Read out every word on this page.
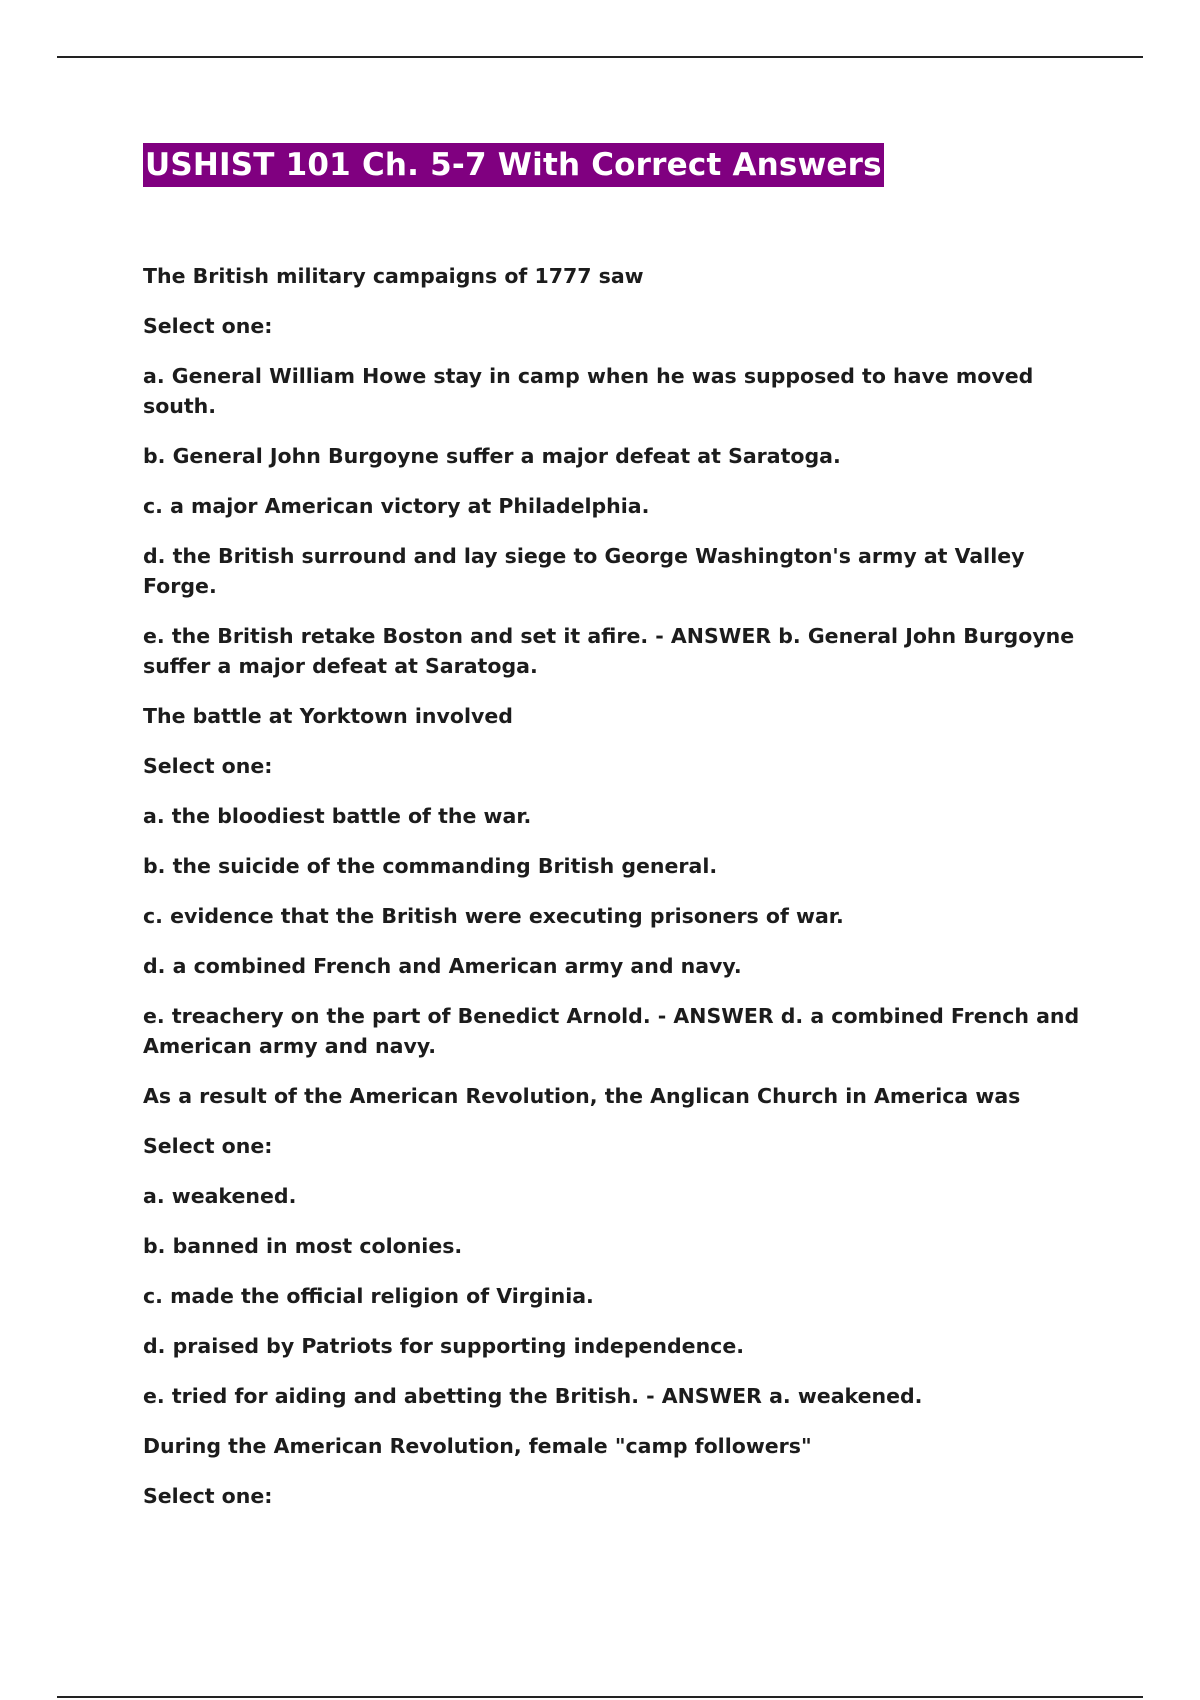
USHIST 101 Ch. 5-7 With Correct Answers

The British military campaigns of 1777 saw

Select one:

a. General William Howe stay in camp when he was supposed to have moved south.

b. General John Burgoyne suffer a major defeat at Saratoga.

c. a major American victory at Philadelphia.

d. the British surround and lay siege to George Washington's army at Valley Forge.

e. the British retake Boston and set it afire. - ANSWER b. General John Burgoyne suffer a major defeat at Saratoga.

The battle at Yorktown involved

Select one:

a. the bloodiest battle of the war.

b. the suicide of the commanding British general.

c. evidence that the British were executing prisoners of war.

d. a combined French and American army and navy.

e. treachery on the part of Benedict Arnold. - ANSWER d. a combined French and American army and navy.

As a result of the American Revolution, the Anglican Church in America was

Select one:

a. weakened.

b. banned in most colonies.

c. made the official religion of Virginia.

d. praised by Patriots for supporting independence.

e. tried for aiding and abetting the British. - ANSWER a. weakened.

During the American Revolution, female "camp followers"

Select one:
